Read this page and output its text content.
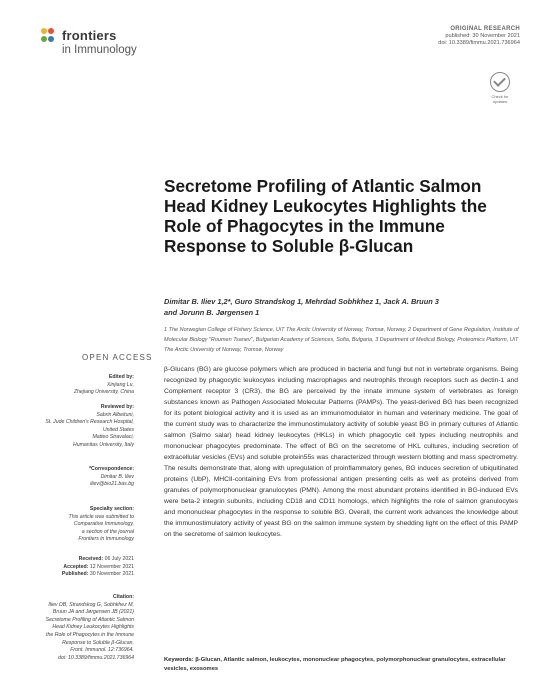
frontiers
in Immunology
ORIGINAL RESEARCH
published: 30 November 2021
doi: 10.3389/fimmu.2021.736964
Check for updates
Secretome Profiling of Atlantic Salmon Head Kidney Leukocytes Highlights the Role of Phagocytes in the Immune Response to Soluble β-Glucan
Dimitar B. Iliev 1,2*, Guro Strandskog 1, Mehrdad Sobhkhez 1, Jack A. Bruun 3
and Jorunn B. Jørgensen 1
1 The Norwegian College of Fishery Science, UiT The Arctic University of Norway, Tromsø, Norway, 2 Department of Gene Regulation, Institute of Molecular Biology "Roumen Tsanev", Bulgarian Academy of Sciences, Sofia, Bulgaria, 3 Department of Medical Biology, Proteomics Platform, UiT The Arctic University of Norway, Tromsø, Norway
OPEN ACCESS
Edited by:
Xinjiang Lu,
Zhejiang University, China
Reviewed by:
Sabrin Albeituni,
St. Jude Children's Research Hospital,
United States
Matteo Stravalaci,
Humanitas University, Italy
*Correspondence:
Dimitar B. Iliev
iliev@bio21.bas.bg
Specialty section:
This article was submitted to
Comparative Immunology,
a section of the journal
Frontiers in Immunology
Received: 06 July 2021
Accepted: 12 November 2021
Published: 30 November 2021
Citation:
Iliev DB, Strandskog G, Sobhkhez M,
Bruun JA and Jørgensen JB (2021)
Secretome Profiling of Atlantic Salmon
Head Kidney Leukocytes Highlights
the Role of Phagocytes in the Immune
Response to Soluble β-Glucan.
Front. Immunol. 12:736964.
doi: 10.3389/fimmu.2021.736964
β-Glucans (BG) are glucose polymers which are produced in bacteria and fungi but not in vertebrate organisms. Being recognized by phagocytic leukocytes including macrophages and neutrophils through receptors such as dectin-1 and Complement receptor 3 (CR3), the BG are perceived by the innate immune system of vertebrates as foreign substances known as Pathogen Associated Molecular Patterns (PAMPs). The yeast-derived BG has been recognized for its potent biological activity and it is used as an immunomodulator in human and veterinary medicine. The goal of the current study was to characterize the immunostimulatory activity of soluble yeast BG in primary cultures of Atlantic salmon (Salmo salar) head kidney leukocytes (HKLs) in which phagocytic cell types including neutrophils and mononuclear phagocytes predominate. The effect of BG on the secretome of HKL cultures, including secretion of extracellular vesicles (EVs) and soluble protein55s was characterized through western blotting and mass spectrometry. The results demonstrate that, along with upregulation of proinflammatory genes, BG induces secretion of ubiquitinated proteins (UbP), MHCII-containing EVs from professional antigen presenting cells as well as proteins derived from granules of polymorphonuclear granulocytes (PMN). Among the most abundant proteins identified in BG-induced EVs were beta-2 integrin subunits, including CD18 and CD11 homologs, which highlights the role of salmon granulocytes and mononuclear phagocytes in the response to soluble BG. Overall, the current work advances the knowledge about the immunostimulatory activity of yeast BG on the salmon immune system by shedding light on the effect of this PAMP on the secretome of salmon leukocytes.
Keywords: β-Glucan, Atlantic salmon, leukocytes, mononuclear phagocytes, polymorphonuclear granulocytes, extracellular vesicles, exosomes
